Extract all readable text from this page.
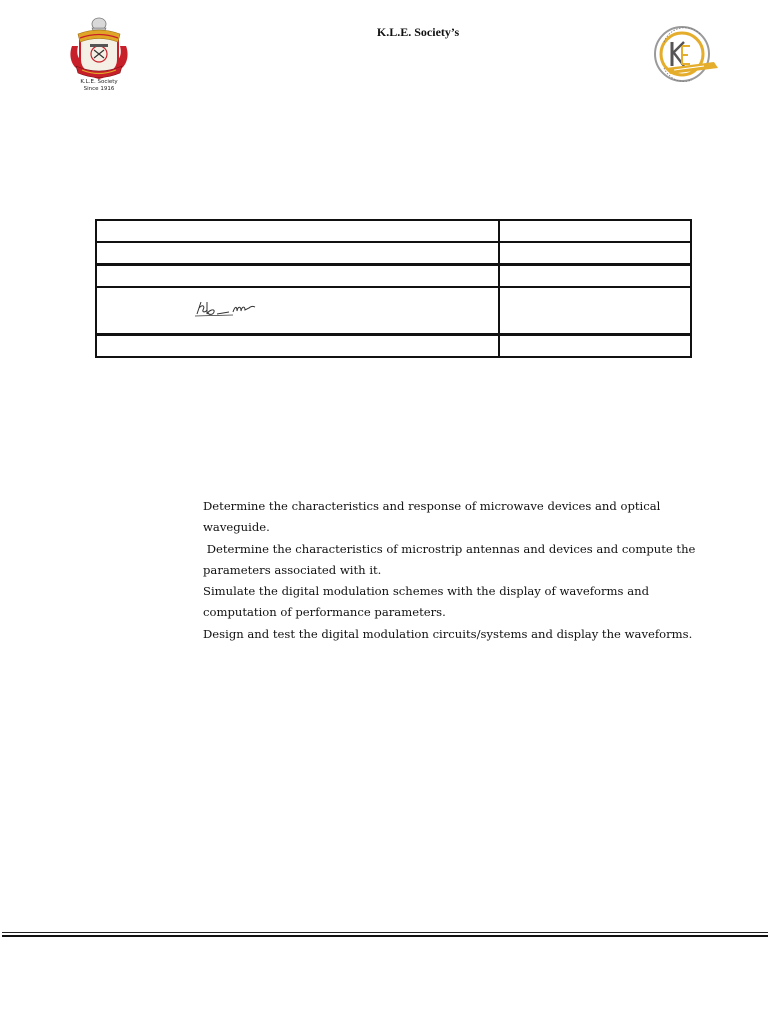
K.L.E. Society
Since 1916
K.L.E. Society’s

Determine the characteristics and response of microwave devices and optical waveguide.

Determine the characteristics of microstrip antennas and devices and compute the parameters associated with it.

Simulate the digital modulation schemes with the display of waveforms and computation of performance parameters.

Design and test the digital modulation circuits/systems and display the waveforms.
